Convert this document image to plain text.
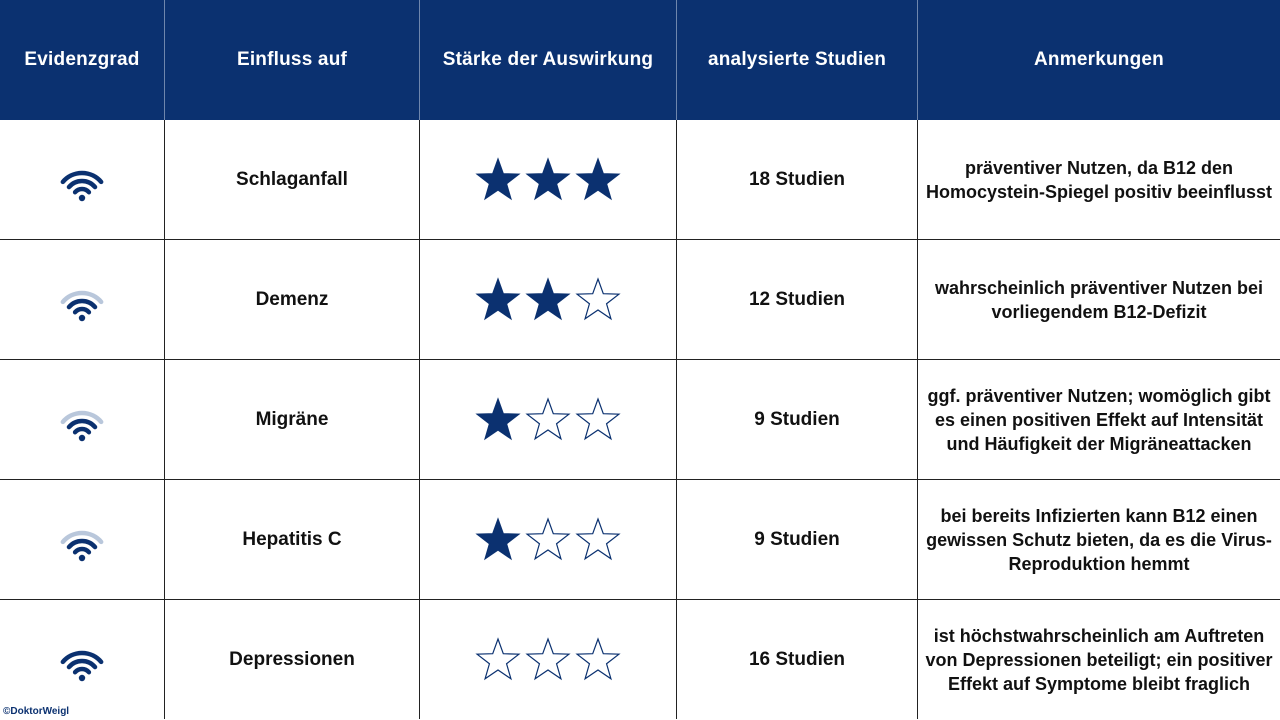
Evidenzgrad	Einfluss auf	Stärke der Auswirkung	analysierte Studien	Anmerkungen

	Schlaganfall		18 Studien	präventiver Nutzen, da B12 den
Homocystein-Spiegel positiv beeinflusst

	Demenz		12 Studien	wahrscheinlich präventiver Nutzen bei
vorliegendem B12-Defizit

	Migräne		9 Studien	ggf. präventiver Nutzen; womöglich gibt
es einen positiven Effekt auf Intensität
und Häufigkeit der Migräneattacken

	Hepatitis C		9 Studien	bei bereits Infizierten kann B12 einen
gewissen Schutz bieten, da es die Virus-
Reproduktion hemmt

	Depressionen		16 Studien	ist höchstwahrscheinlich am Auftreten
von Depressionen beteiligt; ein positiver
Effekt auf Symptome bleibt fraglich
©DoktorWeigl
